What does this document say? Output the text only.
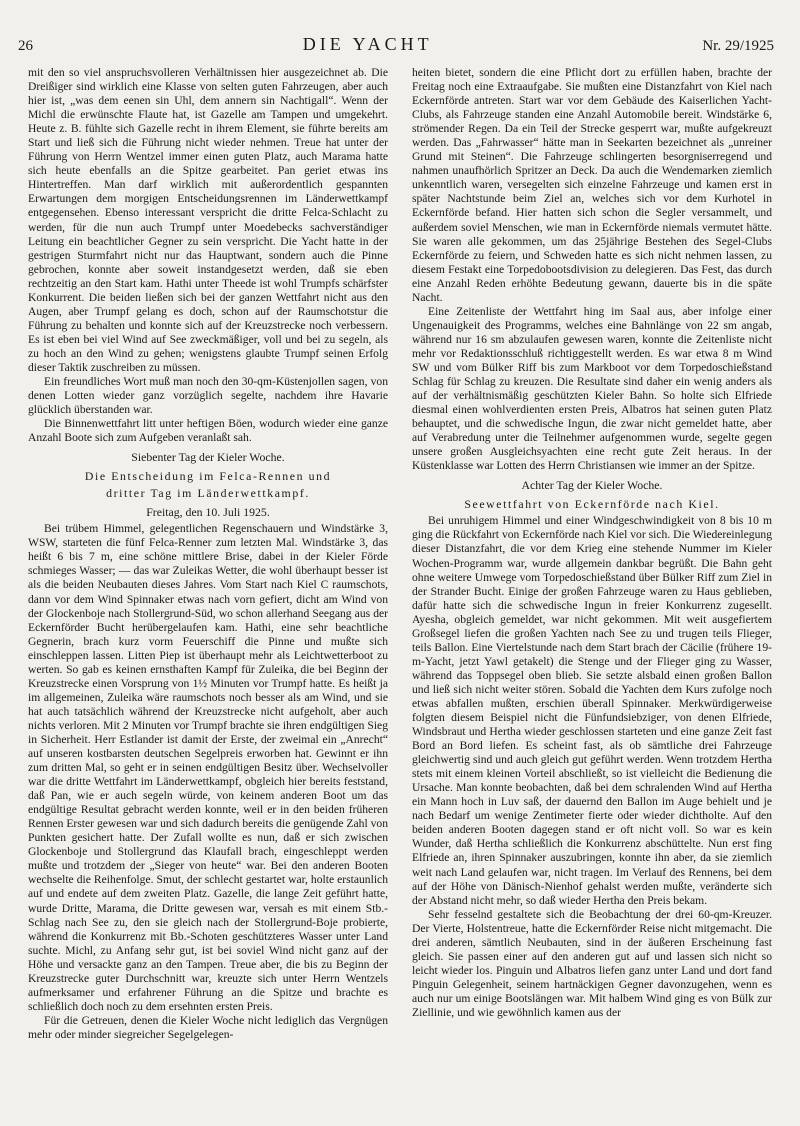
26	DIE YACHT	Nr. 29/1925

mit den so viel anspruchsvolleren Verhältnissen hier ausgezeichnet ab. Die Dreißiger sind wirklich eine Klasse von selten guten Fahrzeugen, aber auch hier ist, „was dem eenen sin Uhl, dem annern sin Nachtigall“. Wenn der Michl die erwünschte Flaute hat, ist Gazelle am Tampen und umgekehrt. Heute z. B. fühlte sich Gazelle recht in ihrem Element, sie führte bereits am Start und ließ sich die Führung nicht wieder nehmen. Treue hat unter der Führung von Herrn Wentzel immer einen guten Platz, auch Marama hatte sich heute ebenfalls an die Spitze gearbeitet. Pan geriet etwas ins Hintertreffen. Man darf wirklich mit außerordentlich gespannten Erwartungen dem morgigen Entscheidungsrennen im Länderwettkampf entgegensehen. Ebenso interessant verspricht die dritte Felca-Schlacht zu werden, für die nun auch Trumpf unter Moedebecks sachverständiger Leitung ein beachtlicher Gegner zu sein verspricht. Die Yacht hatte in der gestrigen Sturmfahrt nicht nur das Hauptwant, sondern auch die Pinne gebrochen, konnte aber soweit instandgesetzt werden, daß sie eben rechtzeitig an den Start kam. Hathi unter Theede ist wohl Trumpfs schärfster Konkurrent. Die beiden ließen sich bei der ganzen Wettfahrt nicht aus den Augen, aber Trumpf gelang es doch, schon auf der Raumschotstur die Führung zu behalten und konnte sich auf der Kreuzstrecke noch verbessern. Es ist eben bei viel Wind auf See zweckmäßiger, voll und bei zu segeln, als zu hoch an den Wind zu gehen; wenigstens glaubte Trumpf seinen Erfolg dieser Taktik zuschreiben zu müssen.

Ein freundliches Wort muß man noch den 30-qm-Küstenjollen sagen, von denen Lotten wieder ganz vorzüglich segelte, nachdem ihre Havarie glücklich überstanden war.

Die Binnenwettfahrt litt unter heftigen Böen, wodurch wieder eine ganze Anzahl Boote sich zum Aufgeben veranlaßt sah.

Siebenter Tag der Kieler Woche.
Die Entscheidung im Felca-Rennen und
dritter Tag im Länderwettkampf.
Freitag, den 10. Juli 1925.

Bei trübem Himmel, gelegentlichen Regenschauern und Windstärke 3, WSW, starteten die fünf Felca-Renner zum letzten Mal. Windstärke 3, das heißt 6 bis 7 m, eine schöne mittlere Brise, dabei in der Kieler Förde schmieges Wasser; — das war Zuleikas Wetter, die wohl überhaupt besser ist als die beiden Neubauten dieses Jahres. Vom Start nach Kiel C raumschots, dann vor dem Wind Spinnaker etwas nach vorn gefiert, dicht am Wind von der Glockenboje nach Stollergrund-Süd, wo schon allerhand Seegang aus der Eckernförder Bucht herübergelaufen kam. Hathi, eine sehr beachtliche Gegnerin, brach kurz vorm Feuerschiff die Pinne und mußte sich einschleppen lassen. Litten Piep ist überhaupt mehr als Leichtwetterboot zu werten. So gab es keinen ernsthaften Kampf für Zuleika, die bei Beginn der Kreuzstrecke einen Vorsprung von 1½ Minuten vor Trumpf hatte. Es heißt ja im allgemeinen, Zuleika wäre raumschots noch besser als am Wind, und sie hat auch tatsächlich während der Kreuzstrecke nicht aufgeholt, aber auch nichts verloren. Mit 2 Minuten vor Trumpf brachte sie ihren endgültigen Sieg in Sicherheit. Herr Estlander ist damit der Erste, der zweimal ein „Anrecht“ auf unseren kostbarsten deutschen Segelpreis erworben hat. Gewinnt er ihn zum dritten Mal, so geht er in seinen endgültigen Besitz über. Wechselvoller war die dritte Wettfahrt im Länderwettkampf, obgleich hier bereits feststand, daß Pan, wie er auch segeln würde, von keinem anderen Boot um das endgültige Resultat gebracht werden konnte, weil er in den beiden früheren Rennen Erster gewesen war und sich dadurch bereits die genügende Zahl von Punkten gesichert hatte. Der Zufall wollte es nun, daß er sich zwischen Glockenboje und Stollergrund das Klaufall brach, eingeschleppt werden mußte und trotzdem der „Sieger von heute“ war. Bei den anderen Booten wechselte die Reihenfolge. Smut, der schlecht gestartet war, holte erstaunlich auf und endete auf dem zweiten Platz. Gazelle, die lange Zeit geführt hatte, wurde Dritte, Marama, die Dritte gewesen war, versah es mit einem Stb.-Schlag nach See zu, den sie gleich nach der Stollergrund-Boje probierte, während die Konkurrenz mit Bb.-Schoten geschützteres Wasser unter Land suchte. Michl, zu Anfang sehr gut, ist bei soviel Wind nicht ganz auf der Höhe und versackte ganz an den Tampen. Treue aber, die bis zu Beginn der Kreuzstrecke guter Durchschnitt war, kreuzte sich unter Herrn Wentzels aufmerksamer und erfahrener Führung an die Spitze und brachte es schließlich doch noch zu dem ersehnten ersten Preis.

Für die Getreuen, denen die Kieler Woche nicht lediglich das Vergnügen mehr oder minder siegreicher Segelgelegen-

heiten bietet, sondern die eine Pflicht dort zu erfüllen haben, brachte der Freitag noch eine Extraaufgabe. Sie mußten eine Distanzfahrt von Kiel nach Eckernförde antreten. Start war vor dem Gebäude des Kaiserlichen Yacht-Clubs, als Fahrzeuge standen eine Anzahl Automobile bereit. Windstärke 6, strömender Regen. Da ein Teil der Strecke gesperrt war, mußte aufgekreuzt werden. Das „Fahrwasser“ hätte man in Seekarten bezeichnet als „unreiner Grund mit Steinen“. Die Fahrzeuge schlingerten besorgniserregend und nahmen unaufhörlich Spritzer an Deck. Da auch die Wendemarken ziemlich unkenntlich waren, versegelten sich einzelne Fahrzeuge und kamen erst in später Nachtstunde beim Ziel an, welches sich vor dem Kurhotel in Eckernförde befand. Hier hatten sich schon die Segler versammelt, und außerdem soviel Menschen, wie man in Eckernförde niemals vermutet hätte. Sie waren alle gekommen, um das 25jährige Bestehen des Segel-Clubs Eckernförde zu feiern, und Schweden hatte es sich nicht nehmen lassen, zu diesem Festakt eine Torpedobootsdivision zu delegieren. Das Fest, das durch eine Anzahl Reden erhöhte Bedeutung gewann, dauerte bis in die späte Nacht.

Eine Zeitenliste der Wettfahrt hing im Saal aus, aber infolge einer Ungenauigkeit des Programms, welches eine Bahnlänge von 22 sm angab, während nur 16 sm abzulaufen gewesen waren, konnte die Zeitenliste nicht mehr vor Redaktionsschluß richtiggestellt werden. Es war etwa 8 m Wind SW und vom Bülker Riff bis zum Markboot vor dem Torpedoschießstand Schlag für Schlag zu kreuzen. Die Resultate sind daher ein wenig anders als auf der verhältnismäßig geschützten Kieler Bahn. So holte sich Elfriede diesmal einen wohlverdienten ersten Preis, Albatros hat seinen guten Platz behauptet, und die schwedische Ingun, die zwar nicht gemeldet hatte, aber auf Verabredung unter die Teilnehmer aufgenommen wurde, segelte gegen unsere großen Ausgleichsyachten eine recht gute Zeit heraus. In der Küstenklasse war Lotten des Herrn Christiansen wie immer an der Spitze.

Achter Tag der Kieler Woche.
Seewettfahrt von Eckernförde nach Kiel.

Bei unruhigem Himmel und einer Windgeschwindigkeit von 8 bis 10 m ging die Rückfahrt von Eckernförde nach Kiel vor sich. Die Wiedereinlegung dieser Distanzfahrt, die vor dem Krieg eine stehende Nummer im Kieler Wochen-Programm war, wurde allgemein dankbar begrüßt. Die Bahn geht ohne weitere Umwege vom Torpedoschießstand über Bülker Riff zum Ziel in der Strander Bucht. Einige der großen Fahrzeuge waren zu Haus geblieben, dafür hatte sich die schwedische Ingun in freier Konkurrenz zugesellt. Ayesha, obgleich gemeldet, war nicht gekommen. Mit weit ausgefiertem Großsegel liefen die großen Yachten nach See zu und trugen teils Flieger, teils Ballon. Eine Viertelstunde nach dem Start brach der Cäcilie (frühere 19-m-Yacht, jetzt Yawl getakelt) die Stenge und der Flieger ging zu Wasser, während das Toppsegel oben blieb. Sie setzte alsbald einen großen Ballon und ließ sich nicht weiter stören. Sobald die Yachten dem Kurs zufolge noch etwas abfallen mußten, erschien überall Spinnaker. Merkwürdigerweise folgten diesem Beispiel nicht die Fünfundsiebziger, von denen Elfriede, Windsbraut und Hertha wieder geschlossen starteten und eine ganze Zeit fast Bord an Bord liefen. Es scheint fast, als ob sämtliche drei Fahrzeuge gleichwertig sind und auch gleich gut geführt werden. Wenn trotzdem Hertha stets mit einem kleinen Vorteil abschließt, so ist vielleicht die Bedienung die Ursache. Man konnte beobachten, daß bei dem schralenden Wind auf Hertha ein Mann hoch in Luv saß, der dauernd den Ballon im Auge behielt und je nach Bedarf um wenige Zentimeter fierte oder wieder dichtholte. Auf den beiden anderen Booten dagegen stand er oft nicht voll. So war es kein Wunder, daß Hertha schließlich die Konkurrenz abschüttelte. Nun erst fing Elfriede an, ihren Spinnaker auszubringen, konnte ihn aber, da sie ziemlich weit nach Land gelaufen war, nicht tragen. Im Verlauf des Rennens, bei dem auf der Höhe von Dänisch-Nienhof gehalst werden mußte, veränderte sich der Abstand nicht mehr, so daß wieder Hertha den Preis bekam.

Sehr fesselnd gestaltete sich die Beobachtung der drei 60-qm-Kreuzer. Der Vierte, Holstentreue, hatte die Eckernförder Reise nicht mitgemacht. Die drei anderen, sämtlich Neubauten, sind in der äußeren Erscheinung fast gleich. Sie passen einer auf den anderen gut auf und lassen sich nicht so leicht wieder los. Pinguin und Albatros liefen ganz unter Land und dort fand Pinguin Gelegenheit, seinem hartnäckigen Gegner davonzugehen, wenn es auch nur um einige Bootslängen war. Mit halbem Wind ging es von Bülk zur Ziellinie, und wie gewöhnlich kamen aus der
